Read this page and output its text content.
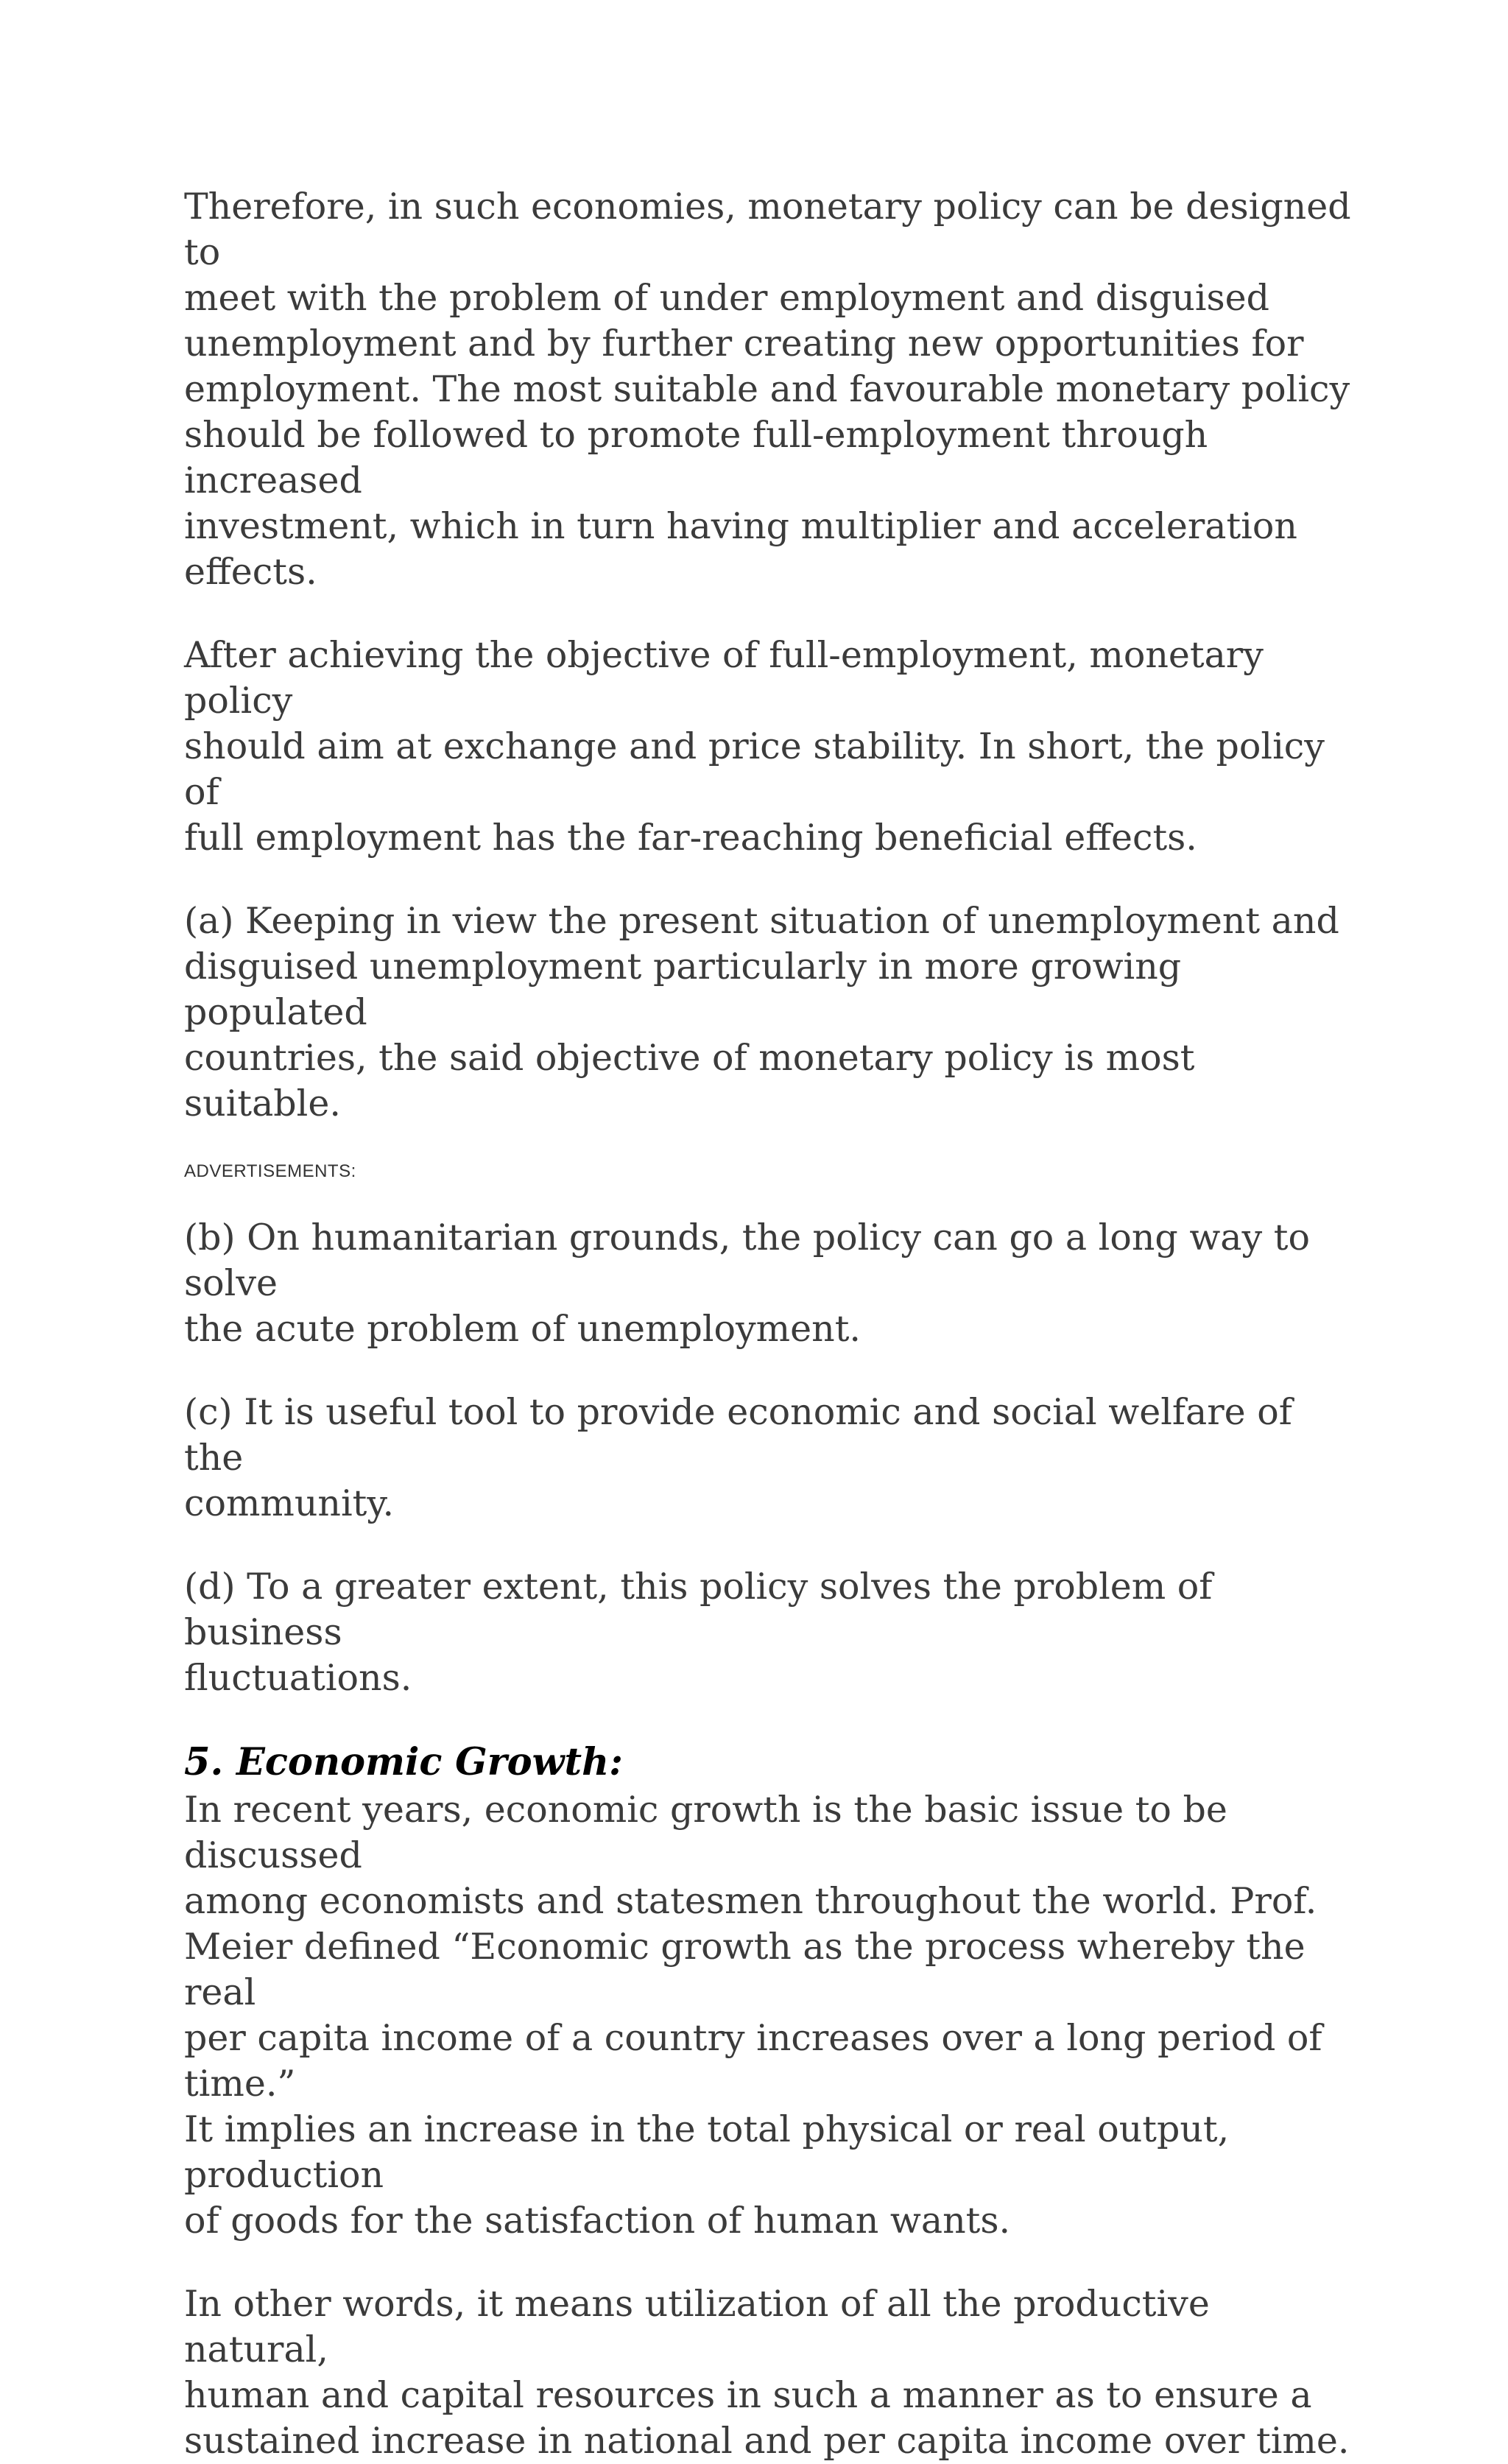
Therefore, in such economies, monetary policy can be designed to
meet with the problem of under employment and disguised
unemployment and by further creating new opportunities for
employment. The most suitable and favourable monetary policy
should be followed to promote full-employment through increased
investment, which in turn having multiplier and acceleration
effects.

After achieving the objective of full-employment, monetary policy
should aim at exchange and price stability. In short, the policy of
full employment has the far-reaching beneficial effects.

(a) Keeping in view the present situation of unemployment and
disguised unemployment particularly in more growing populated
countries, the said objective of monetary policy is most suitable.

ADVERTISEMENTS:

(b) On humanitarian grounds, the policy can go a long way to solve
the acute problem of unemployment.

(c) It is useful tool to provide economic and social welfare of the
community.

(d) To a greater extent, this policy solves the problem of business
fluctuations.

5. Economic Growth:

In recent years, economic growth is the basic issue to be discussed
among economists and statesmen throughout the world. Prof.
Meier defined “Economic growth as the process whereby the real
per capita income of a country increases over a long period of time.”
It implies an increase in the total physical or real output, production
of goods for the satisfaction of human wants.

In other words, it means utilization of all the productive natural,
human and capital resources in such a manner as to ensure a
sustained increase in national and per capita income over time.
